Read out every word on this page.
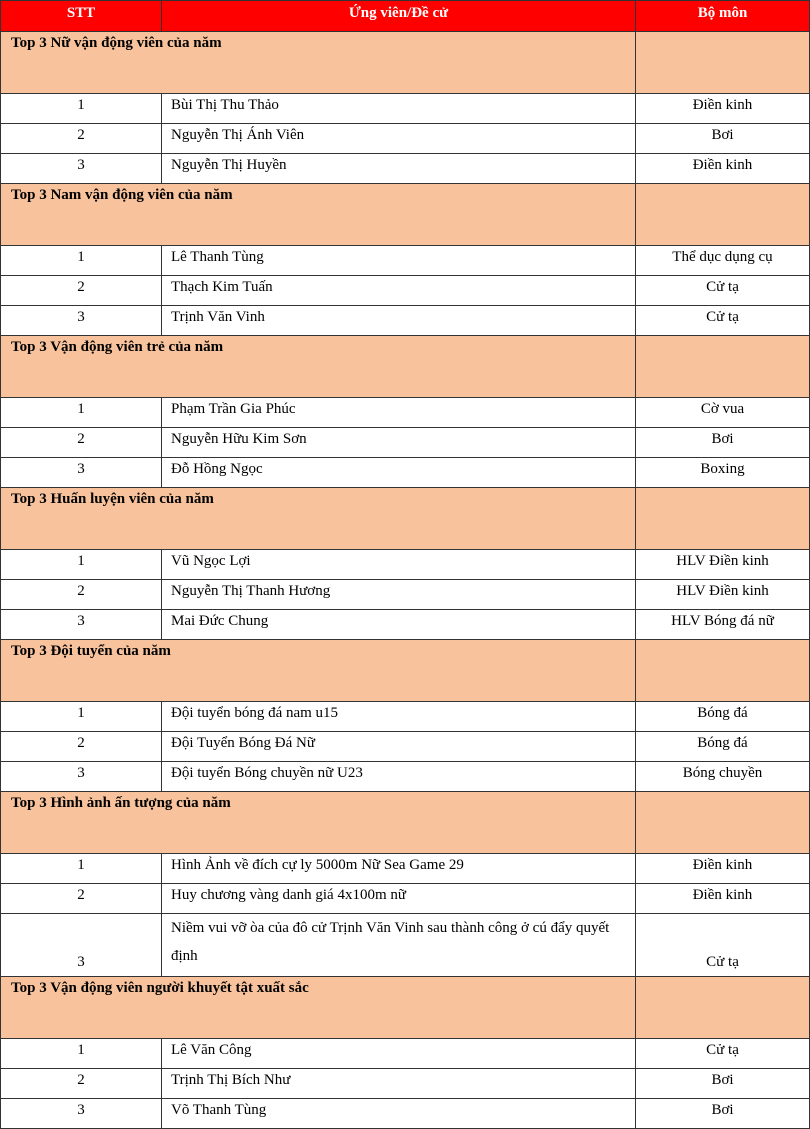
STT	Ứng viên/Đề cử	Bộ môn
Top 3 Nữ vận động viên của năm		
1	Bùi Thị Thu Thảo	Điền kinh
2	Nguyễn Thị Ánh Viên	Bơi
3	Nguyễn Thị Huyền	Điền kinh
Top 3 Nam vận động viên của năm		
1	Lê Thanh Tùng	Thể dục dụng cụ
2	Thạch Kim Tuấn	Cử tạ
3	Trịnh Văn Vinh	Cử tạ
Top 3 Vận động viên trẻ của năm		
1	Phạm Trần Gia Phúc	Cờ vua
2	Nguyễn Hữu Kim Sơn	Bơi
3	Đỗ Hồng Ngọc	Boxing
Top 3 Huấn luyện viên của năm		
1	Vũ Ngọc Lợi	HLV Điền kinh
2	Nguyễn Thị Thanh Hương	HLV Điền kinh
3	Mai Đức Chung	HLV Bóng đá nữ
Top 3 Đội tuyển của năm		
1	Đội tuyển bóng đá nam u15	Bóng đá
2	Đội Tuyển Bóng Đá Nữ	Bóng đá
3	Đội tuyển Bóng chuyền nữ U23	Bóng chuyền
Top 3 Hình ảnh ấn tượng của năm		
1	Hình Ảnh về đích cự ly 5000m Nữ Sea Game 29	Điền kinh
2	Huy chương vàng danh giá 4x100m nữ	Điền kinh
3	Niềm vui vỡ òa của đô cử Trịnh Văn Vinh sau thành công ở cú đẩy quyết định	Cử tạ
Top 3 Vận động viên người khuyết tật xuất sắc		
1	Lê Văn Công	Cử tạ
2	Trịnh Thị Bích Như	Bơi
3	Võ Thanh Tùng	Bơi
